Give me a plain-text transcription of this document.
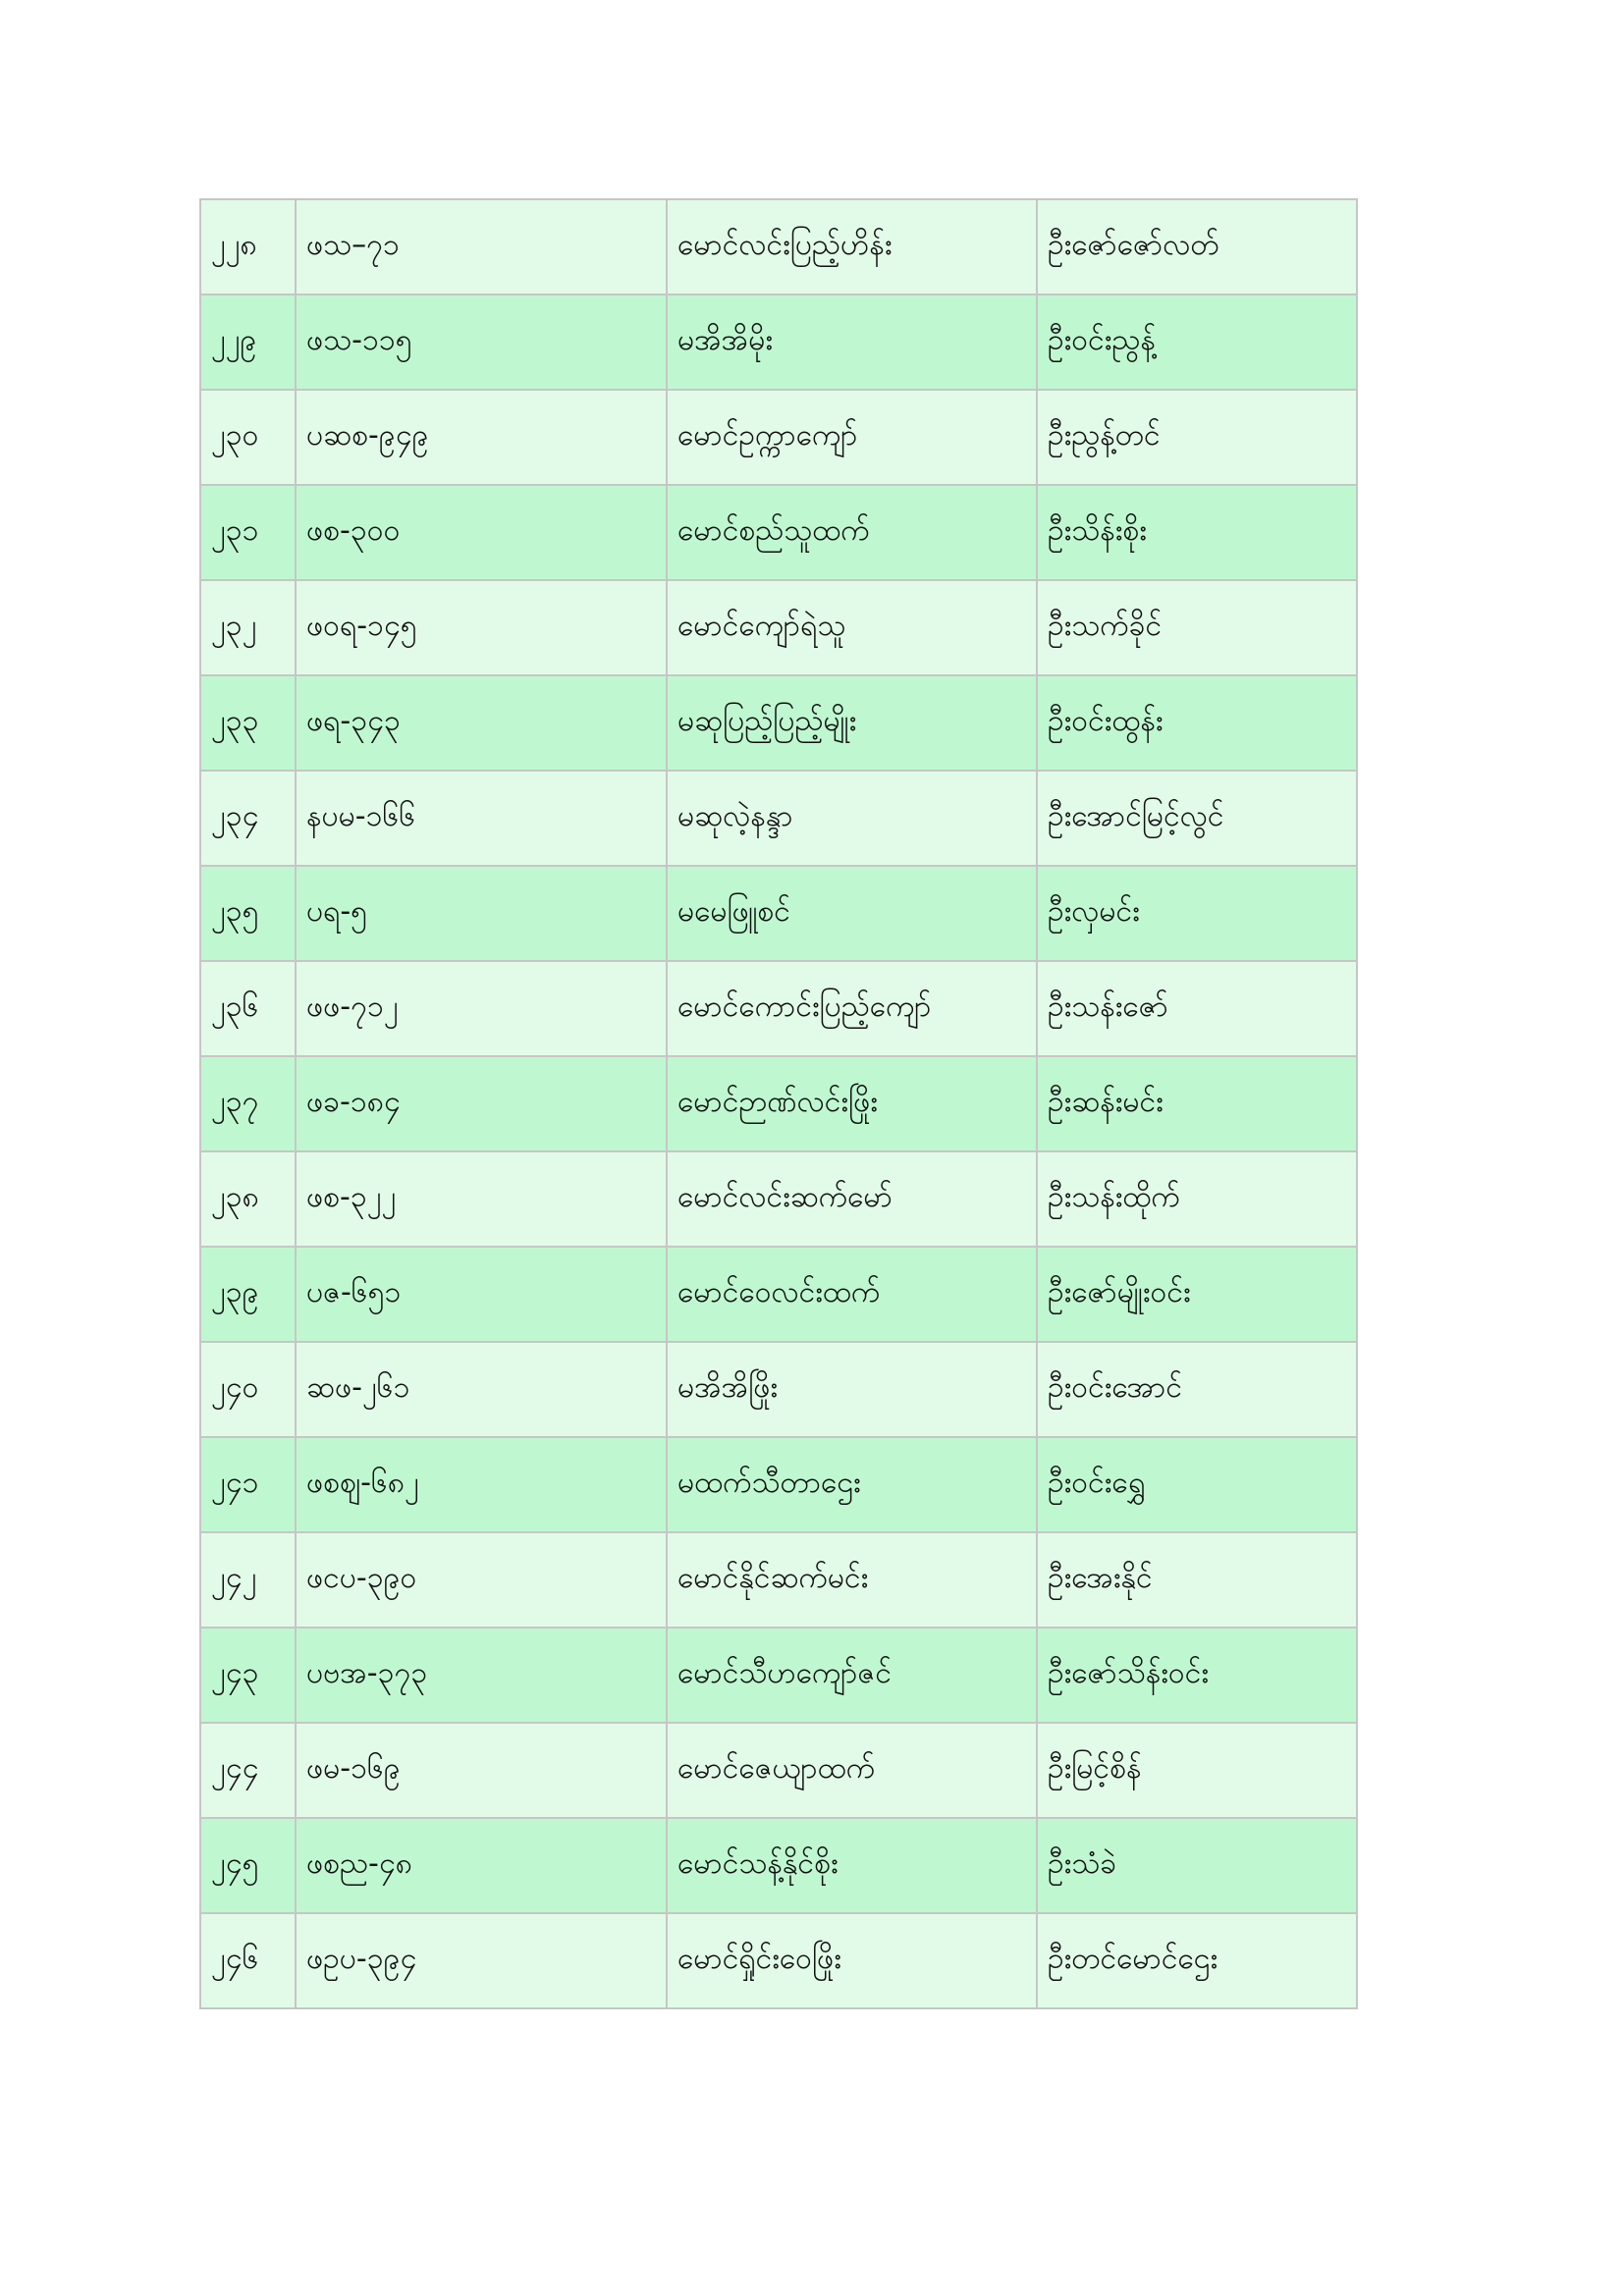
၂၂၈	ဖသ–၇၁	မောင်လင်းပြည့်ဟိန်း	ဦးဇော်ဇော်လတ်
၂၂၉	ဖသ-၁၁၅	မအိအိမိုး	ဦးဝင်းညွန့်
၂၃၀	ပဆစ-၉၄၉	မောင်ဥက္ကာကျော်	ဦးညွန့်တင်
၂၃၁	ဖစ-၃၀၀	မောင်စည်သူထက်	ဦးသိန်းစိုး
၂၃၂	ဖဝရ-၁၄၅	မောင်ကျော်ရဲသူ	ဦးသက်ခိုင်
၂၃၃	ဖရ-၃၄၃	မဆုပြည့်ပြည့်မျိုး	ဦးဝင်းထွန်း
၂၃၄	နပမ-၁၆၆	မဆုလဲ့နန္ဒာ	ဦးအောင်မြင့်လွင်
၂၃၅	ပရ-၅	မမေဖြူစင်	ဦးလှမင်း
၂၃၆	ဖဖ-၇၁၂	မောင်ကောင်းပြည့်ကျော်	ဦးသန်းဇော်
၂၃၇	ဖခ-၁၈၄	မောင်ဉာဏ်လင်းဖြိုး	ဦးဆန်းမင်း
၂၃၈	ဖစ-၃၂၂	မောင်လင်းဆက်မော်	ဦးသန်းထိုက်
၂၃၉	ပဇ-၆၅၁	မောင်ဝေလင်းထက်	ဦးဇော်မျိုးဝင်း
၂၄၀	ဆဖ-၂၆၁	မအိအိဖြိုး	ဦးဝင်းအောင်
၂၄၁	ဖစဈ-၆၈၂	မထက်သီတာဌေး	ဦးဝင်းရွှေ
၂၄၂	ဖငပ-၃၉၀	မောင်နိုင်ဆက်မင်း	ဦးအေးနိုင်
၂၄၃	ပဗအ-၃၇၃	မောင်သီဟကျော်ဇင်	ဦးဇော်သိန်းဝင်း
၂၄၄	ဖမ-၁၆၉	မောင်ဇေယျာထက်	ဦးမြင့်စိန်
၂၄၅	ဖစည-၄၈	မောင်သန့်နိုင်စိုး	ဦးသံခဲ
၂၄၆	ဖဥပ-၃၉၄	မောင်ရှိုင်းဝေဖြိုး	ဦးတင်မောင်ဌေး
